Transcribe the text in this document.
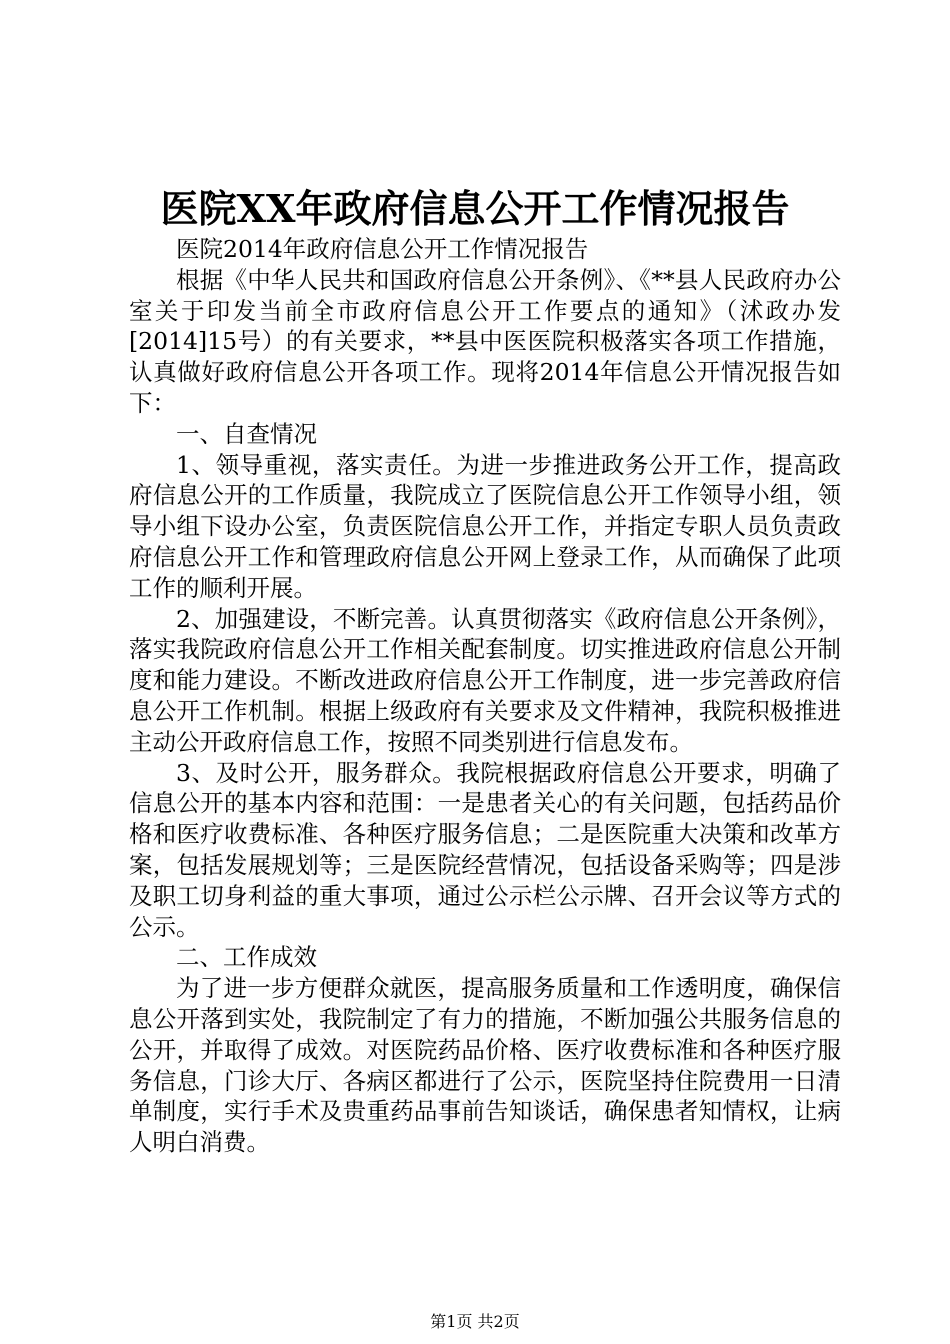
医院XX年政府信息公开工作情况报告

医院2014年政府信息公开工作情况报告

根据《中华人民共和国政府信息公开条例》、《**县人民政府办公室关于印发当前全市政府信息公开工作要点的通知》（沭政办发[2014]15号）的有关要求，**县中医医院积极落实各项工作措施，认真做好政府信息公开各项工作。现将2014年信息公开情况报告如下：

一、自查情况

1、领导重视，落实责任。为进一步推进政务公开工作，提高政府信息公开的工作质量，我院成立了医院信息公开工作领导小组，领导小组下设办公室，负责医院信息公开工作，并指定专职人员负责政府信息公开工作和管理政府信息公开网上登录工作，从而确保了此项工作的顺利开展。

2、加强建设，不断完善。认真贯彻落实《政府信息公开条例》，落实我院政府信息公开工作相关配套制度。切实推进政府信息公开制度和能力建设。不断改进政府信息公开工作制度，进一步完善政府信息公开工作机制。根据上级政府有关要求及文件精神，我院积极推进主动公开政府信息工作，按照不同类别进行信息发布。

3、及时公开，服务群众。我院根据政府信息公开要求，明确了信息公开的基本内容和范围：一是患者关心的有关问题，包括药品价格和医疗收费标准、各种医疗服务信息；二是医院重大决策和改革方案，包括发展规划等；三是医院经营情况，包括设备采购等；四是涉及职工切身利益的重大事项，通过公示栏公示牌、召开会议等方式的公示。

二、工作成效

为了进一步方便群众就医，提高服务质量和工作透明度，确保信息公开落到实处，我院制定了有力的措施，不断加强公共服务信息的公开，并取得了成效。对医院药品价格、医疗收费标准和各种医疗服务信息，门诊大厅、各病区都进行了公示，医院坚持住院费用一日清单制度，实行手术及贵重药品事前告知谈话，确保患者知情权，让病人明白消费。

第1页 共2页
